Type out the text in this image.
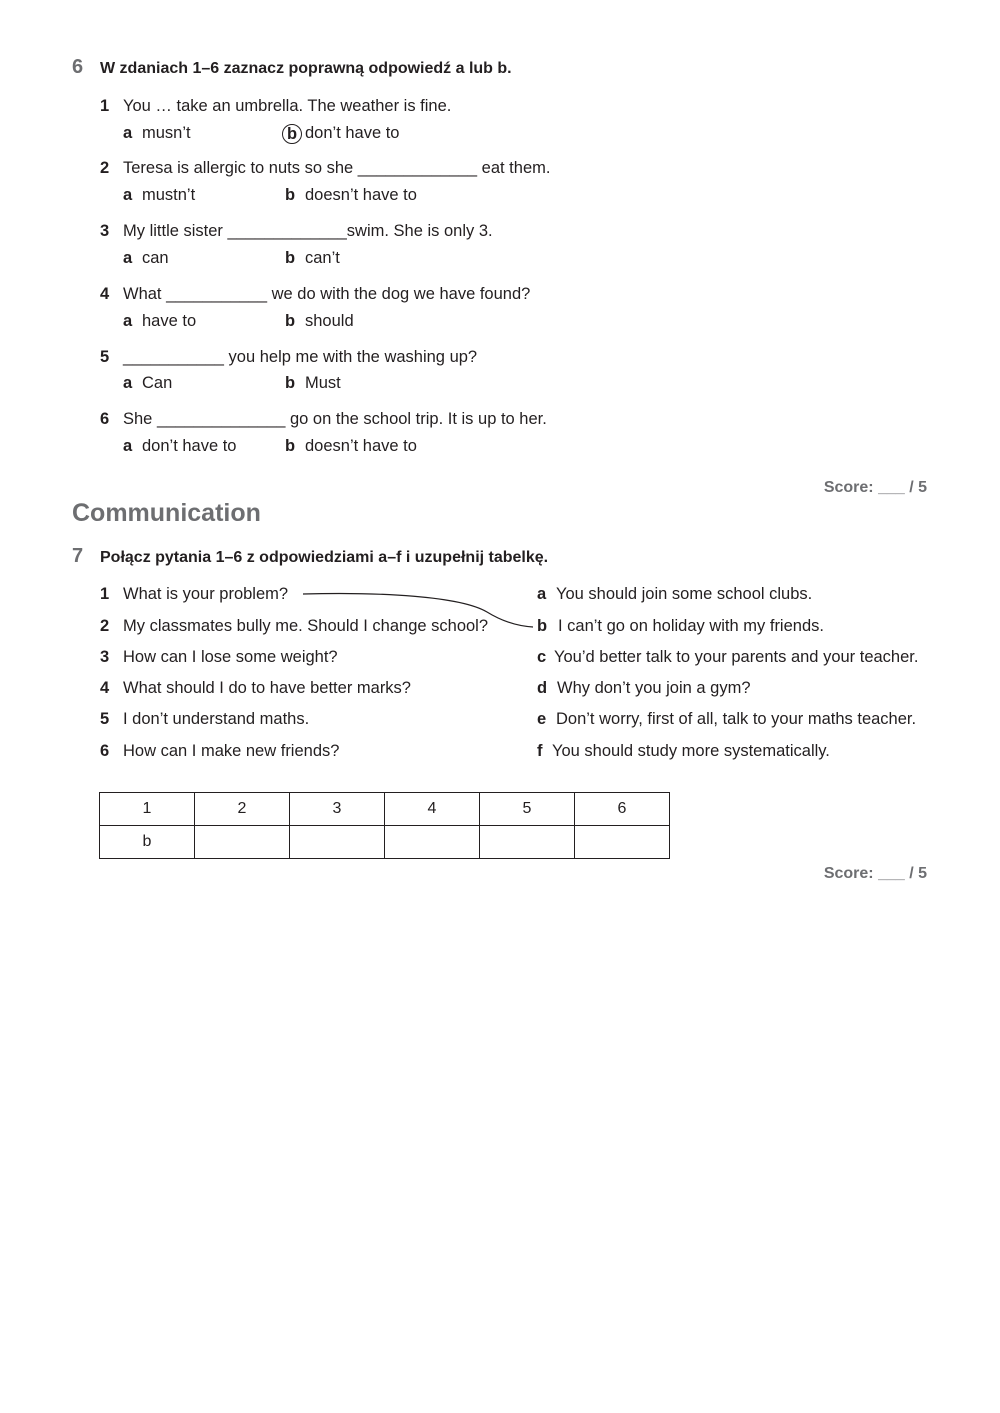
6 W zdaniach 1–6 zaznacz poprawną odpowiedź a lub b.
1 You … take an umbrella. The weather is fine.
a musn’t	b don’t have to
2 Teresa is allergic to nuts so she _____________ eat them.
a mustn’t	b doesn’t have to
3 My little sister _____________swim. She is only 3.
a can	b can’t
4 What ___________ we do with the dog we have found?
a have to	b should
5 ___________ you help me with the washing up?
a Can	b Must
6 She ______________ go on the school trip. It is up to her.
a don’t have to	b doesn’t have to
Score: ___ / 5
Communication
7 Połącz pytania 1–6 z odpowiedziami a–f i uzupełnij tabelkę.
1 What is your problem?
2 My classmates bully me. Should I change school?
3 How can I lose some weight?
4 What should I do to have better marks?
5 I don’t understand maths.
6 How can I make new friends?
a You should join some school clubs.
b I can’t go on holiday with my friends.
c You’d better talk to your parents and your teacher.
d Why don’t you join a gym?
e Don’t worry, first of all, talk to your maths teacher.
f You should study more systematically.
1	2	3	4	5	6
b					
Score: ___ / 5
